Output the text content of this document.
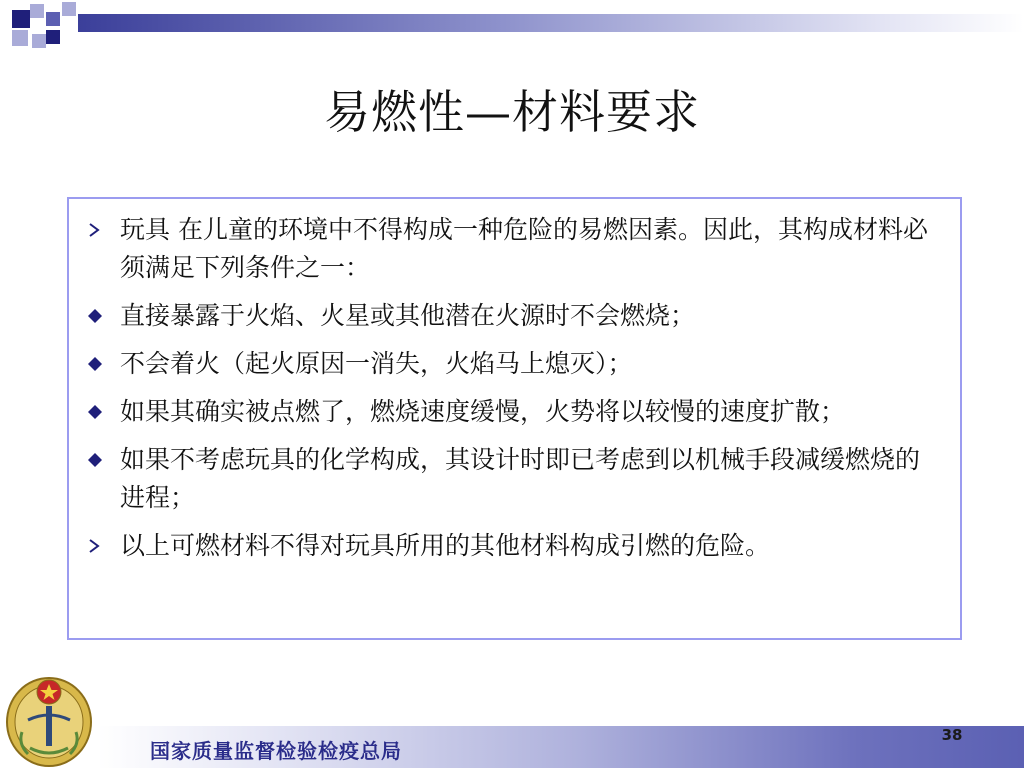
易燃性—材料要求
玩具 在儿童的环境中不得构成一种危险的易燃因素。因此，其构成材料必须满足下列条件之一：
直接暴露于火焰、火星或其他潜在火源时不会燃烧；
不会着火（起火原因一消失，火焰马上熄灭）；
如果其确实被点燃了，燃烧速度缓慢，火势将以较慢的速度扩散；
如果不考虑玩具的化学构成，其设计时即已考虑到以机械手段减缓燃烧的进程；
以上可燃材料不得对玩具所用的其他材料构成引燃的危险。
国家质量监督检验检疫总局
38
